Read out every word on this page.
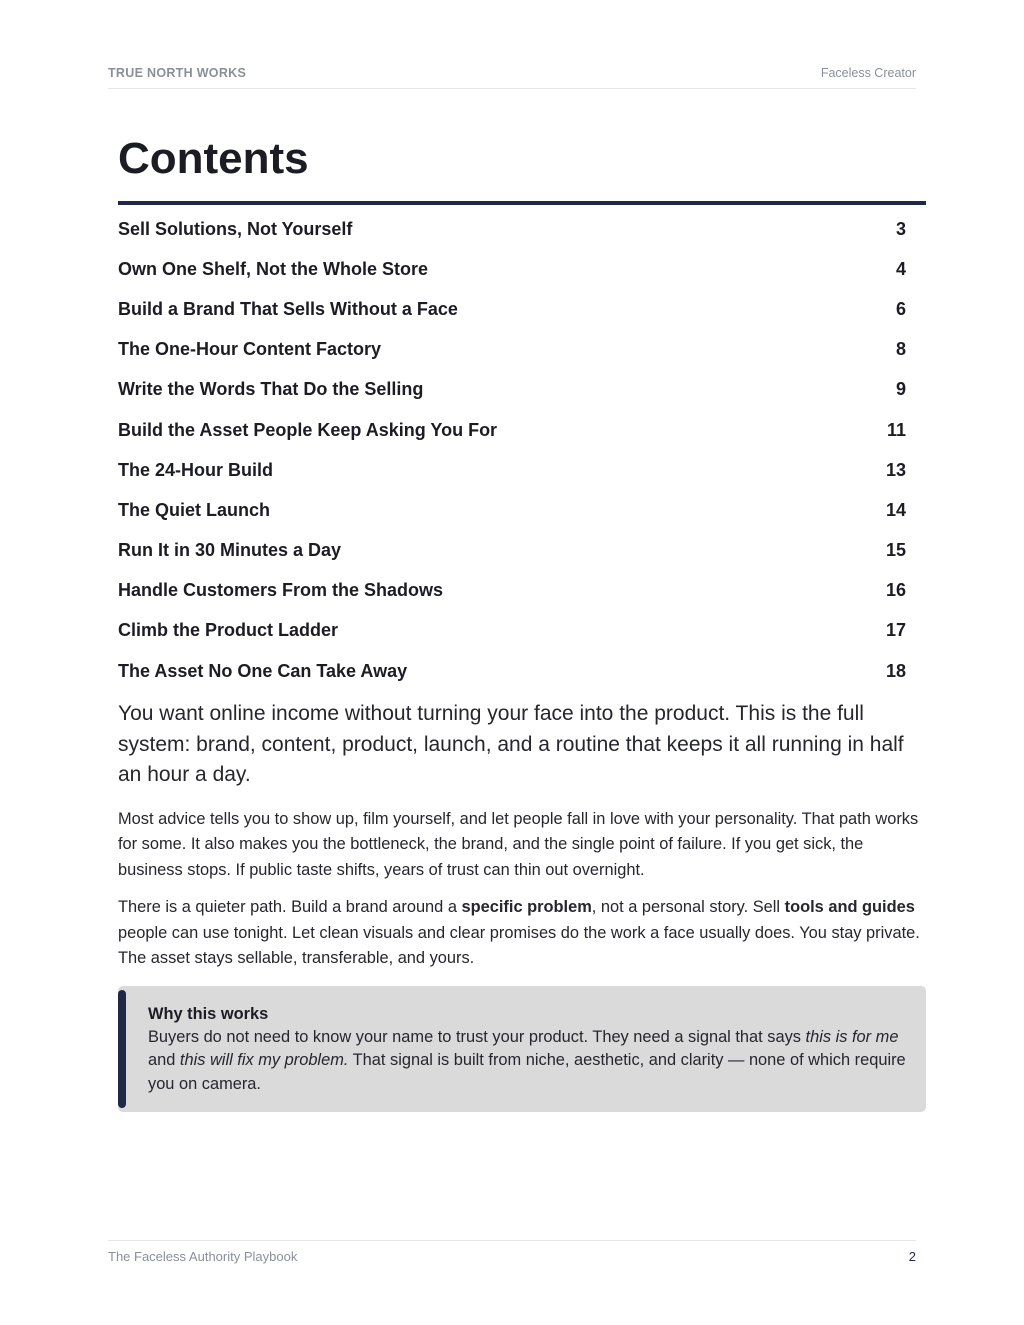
TRUE NORTH WORKS	Faceless Creator
Contents
Sell Solutions, Not Yourself	3
Own One Shelf, Not the Whole Store	4
Build a Brand That Sells Without a Face	6
The One-Hour Content Factory	8
Write the Words That Do the Selling	9
Build the Asset People Keep Asking You For	11
The 24-Hour Build	13
The Quiet Launch	14
Run It in 30 Minutes a Day	15
Handle Customers From the Shadows	16
Climb the Product Ladder	17
The Asset No One Can Take Away	18

You want online income without turning your face into the product. This is the full system: brand, content, product, launch, and a routine that keeps it all running in half an hour a day.

Most advice tells you to show up, film yourself, and let people fall in love with your personality. That path works for some. It also makes you the bottleneck, the brand, and the single point of failure. If you get sick, the business stops. If public taste shifts, years of trust can thin out overnight.

There is a quieter path. Build a brand around a specific problem, not a personal story. Sell tools and guides people can use tonight. Let clean visuals and clear promises do the work a face usually does. You stay private. The asset stays sellable, transferable, and yours.

Why this works
Buyers do not need to know your name to trust your product. They need a signal that says this is for me and this will fix my problem. That signal is built from niche, aesthetic, and clarity — none of which require you on camera.
The Faceless Authority Playbook	2
